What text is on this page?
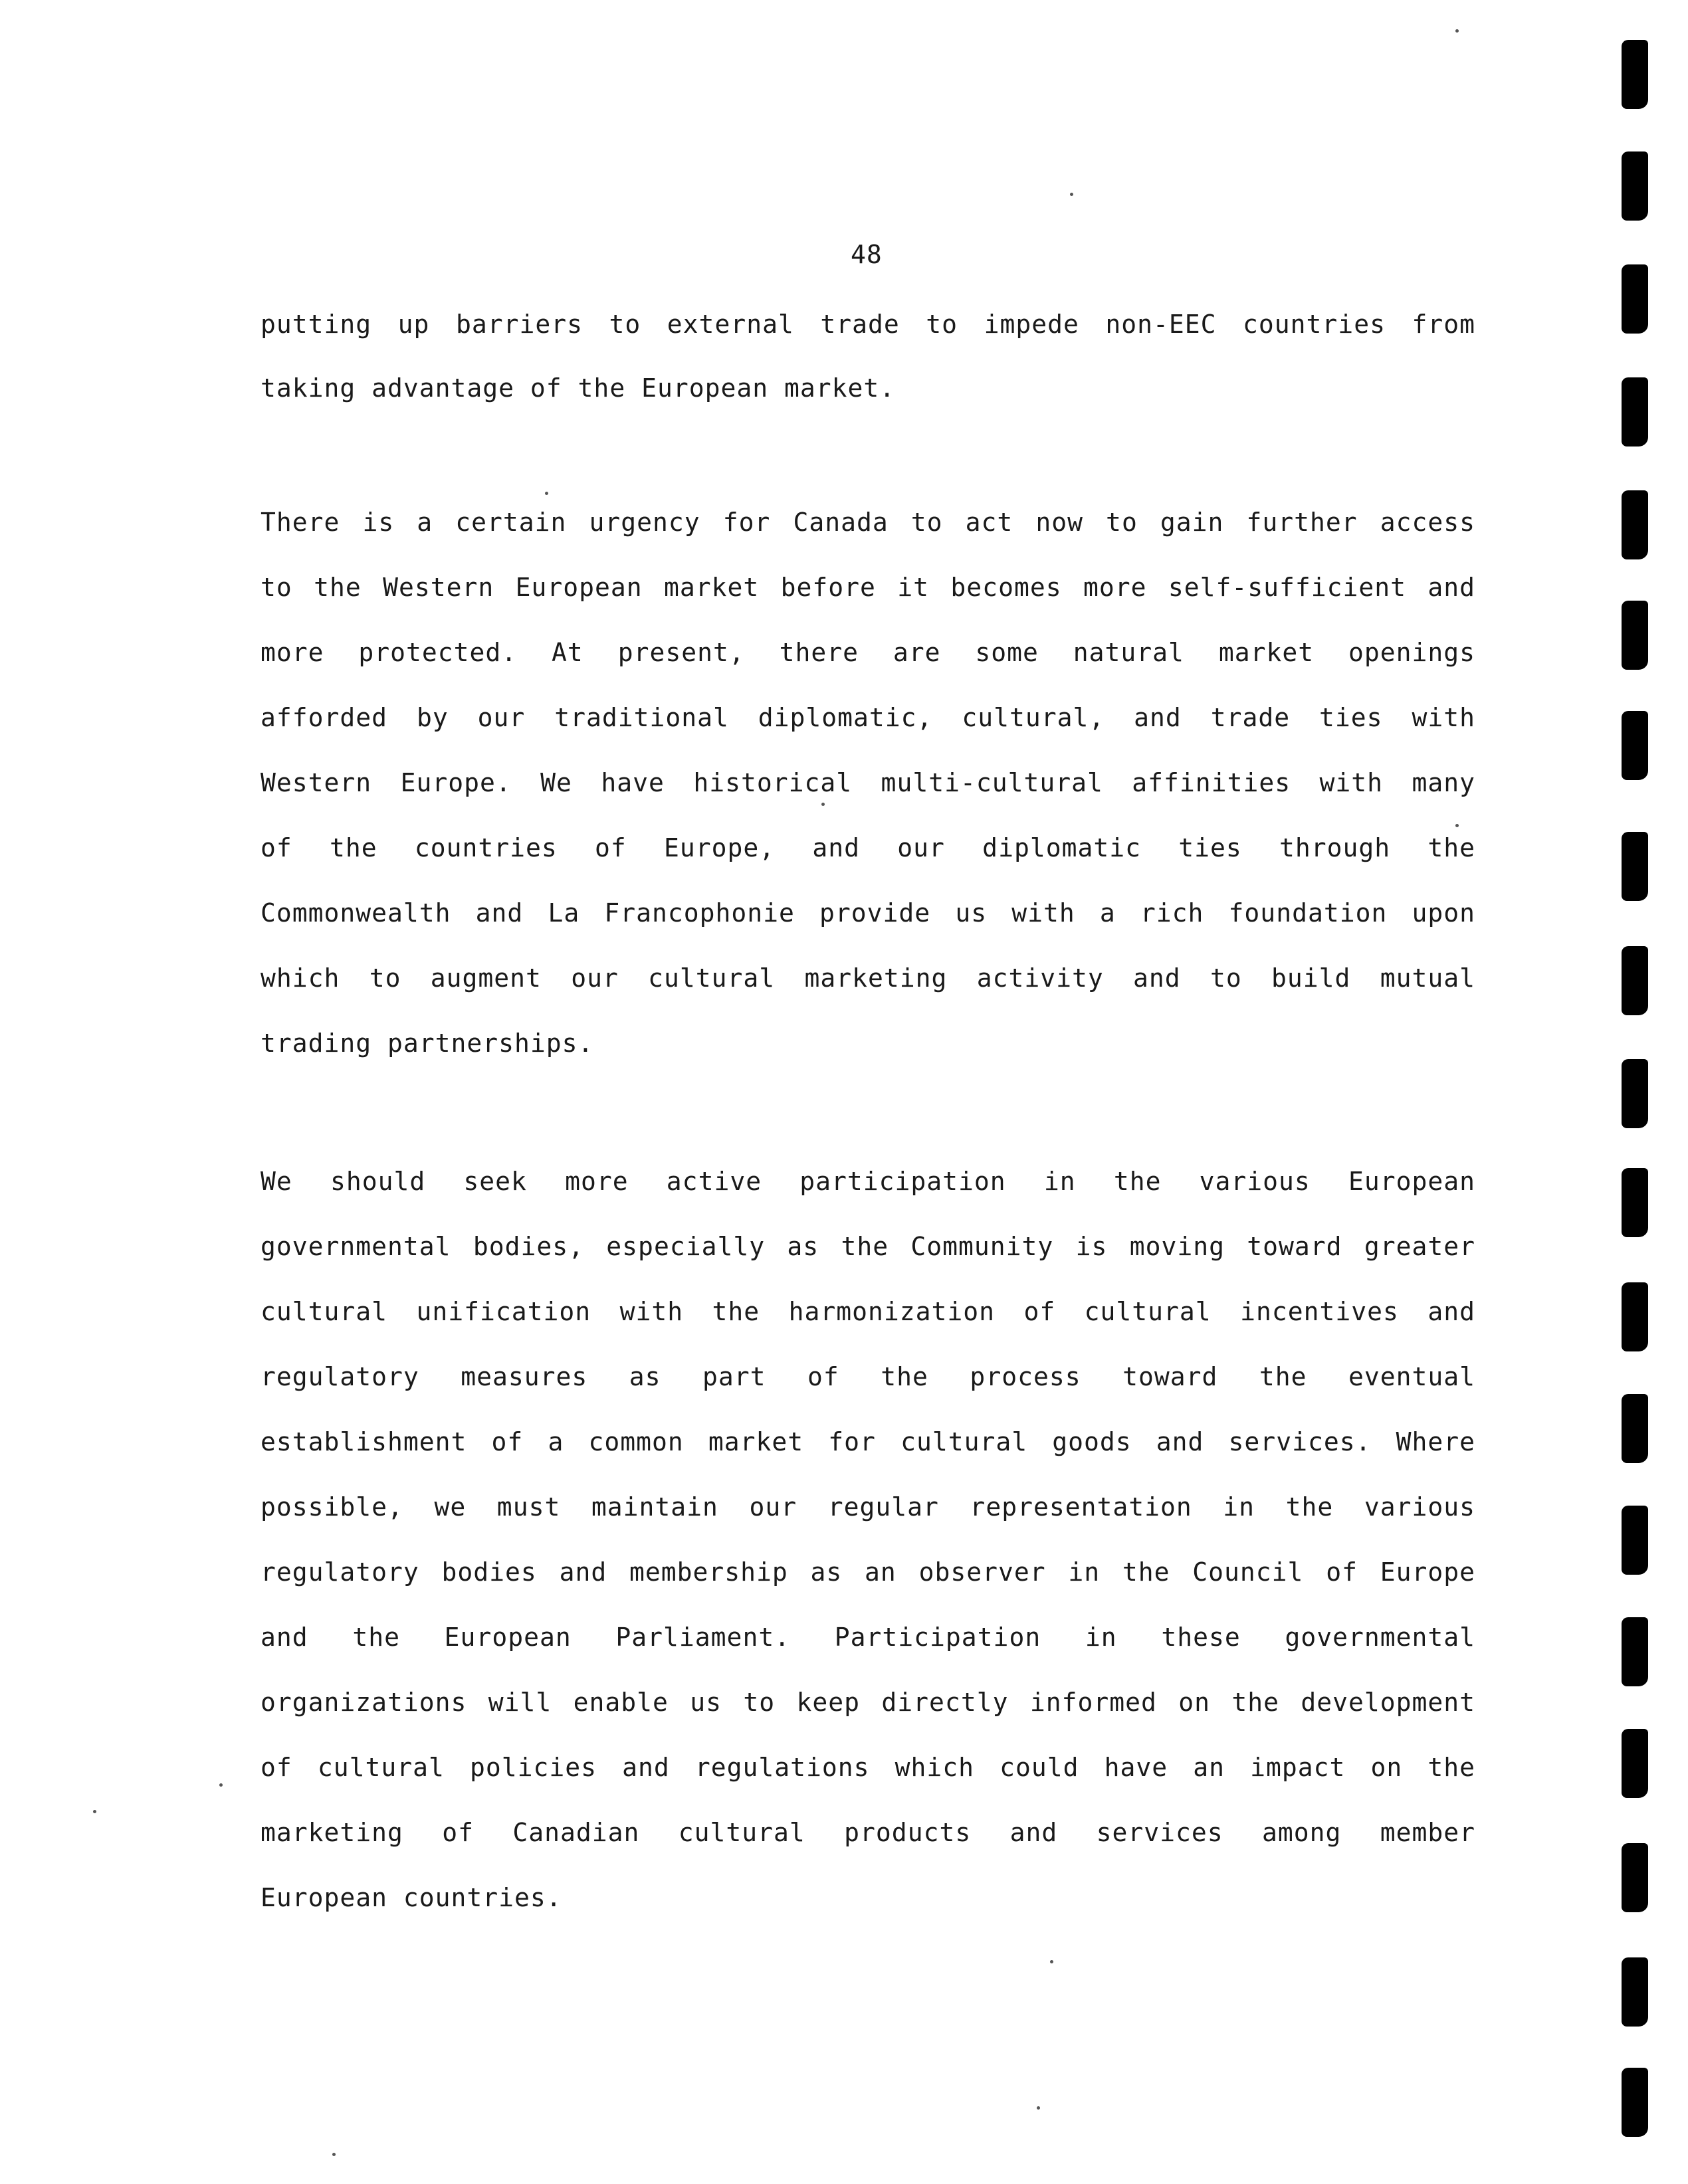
48
putting up barriers to external trade to impede non-EEC countries from
taking advantage of the European market.
There is a certain urgency for Canada to act now to gain further access
to the Western European market before it becomes more self-sufficient and
more protected. At present, there are some natural market openings
afforded by our traditional diplomatic, cultural, and trade ties with
Western Europe. We have historical multi-cultural affinities with many
of the countries of Europe, and our diplomatic ties through the
Commonwealth and La Francophonie provide us with a rich foundation upon
which to augment our cultural marketing activity and to build mutual
trading partnerships.
We should seek more active participation in the various European
governmental bodies, especially as the Community is moving toward greater
cultural unification with the harmonization of cultural incentives and
regulatory measures as part of the process toward the eventual
establishment of a common market for cultural goods and services. Where
possible, we must maintain our regular representation in the various
regulatory bodies and membership as an observer in the Council of Europe
and the European Parliament. Participation in these governmental
organizations will enable us to keep directly informed on the development
of cultural policies and regulations which could have an impact on the
marketing of Canadian cultural products and services among member
European countries.
